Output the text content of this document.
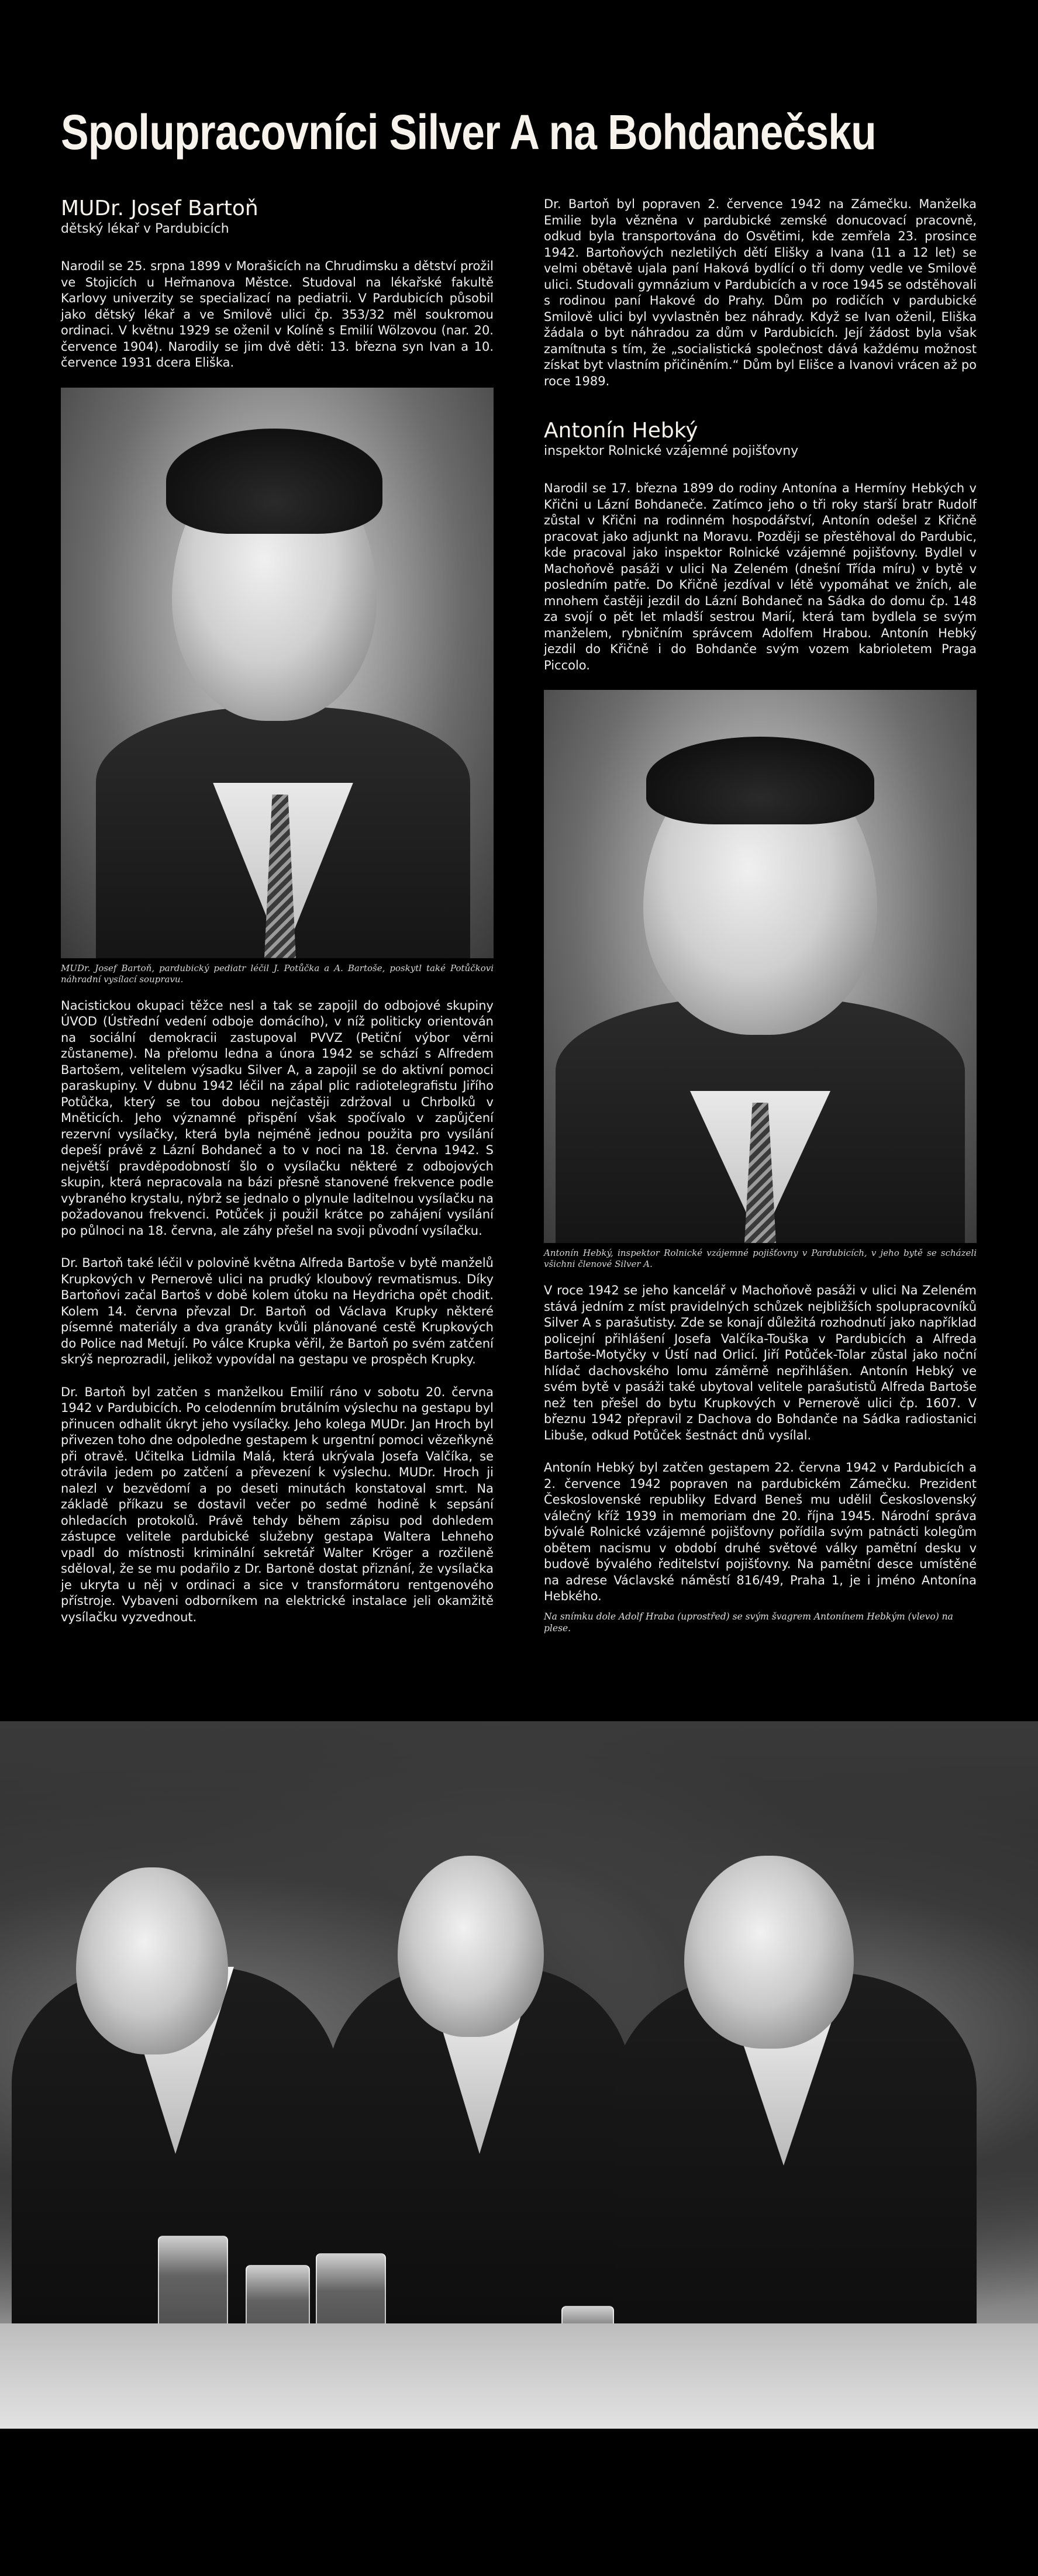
Spolupracovníci Silver A na Bohdanečsku
MUDr. Josef Bartoň
dětský lékař v Pardubicích

Narodil se 25. srpna 1899 v Morašicích na Chrudimsku a dětství prožil ve Stojicích u Heřmanova Městce. Studoval na lékařské fakultě Karlovy univerzity se specializací na pediatrii. V Pardubicích působil jako dětský lékař a ve Smilově ulici čp. 353/32 měl soukromou ordinaci. V květnu 1929 se oženil v Kolíně s Emilií Wölzovou (nar. 20. července 1904). Narodily se jim dvě děti: 13. března syn Ivan a 10. července 1931 dcera Eliška.

MUDr. Josef Bartoň, pardubický pediatr léčil J. Potůčka a A. Bartoše, poskytl také Potůčkovi náhradní vysílací soupravu.

Nacistickou okupaci těžce nesl a tak se zapojil do odbojové skupiny ÚVOD (Ústřední vedení odboje domácího), v níž politicky orientován na sociální demokracii zastupoval PVVZ (Petiční výbor věrni zůstaneme). Na přelomu ledna a února 1942 se schází s Alfredem Bartošem, velitelem výsadku Silver A, a zapojil se do aktivní pomoci paraskupiny. V dubnu 1942 léčil na zápal plic radiotelegrafistu Jiřího Potůčka, který se tou dobou nejčastěji zdržoval u Chrbolků v Mněticích. Jeho významné přispění však spočívalo v zapůjčení rezervní vysílačky, která byla nejméně jednou použita pro vysílání depeší právě z Lázní Bohdaneč a to v noci na 18. června 1942. S největší pravděpodobností šlo o vysílačku některé z odbojových skupin, která nepracovala na bázi přesně stanovené frekvence podle vybraného krystalu, nýbrž se jednalo o plynule laditelnou vysílačku na požadovanou frekvenci. Potůček ji použil krátce po zahájení vysílání po půlnoci na 18. června, ale záhy přešel na svoji původní vysílačku.

Dr. Bartoň také léčil v polovině května Alfreda Bartoše v bytě manželů Krupkových v Pernerově ulici na prudký kloubový revmatismus. Díky Bartoňovi začal Bartoš v době kolem útoku na Heydricha opět chodit. Kolem 14. června převzal Dr. Bartoň od Václava Krupky některé písemné materiály a dva granáty kvůli plánované cestě Krupkových do Police nad Metují. Po válce Krupka věřil, že Bartoň po svém zatčení skrýš neprozradil, jelikož vypovídal na gestapu ve prospěch Krupky.

Dr. Bartoň byl zatčen s manželkou Emilií ráno v sobotu 20. června 1942 v Pardubicích. Po celodenním brutálním výslechu na gestapu byl přinucen odhalit úkryt jeho vysílačky. Jeho kolega MUDr. Jan Hroch byl přivezen toho dne odpoledne gestapem k urgentní pomoci vězeňkyně při otravě. Učitelka Lidmila Malá, která ukrývala Josefa Valčíka, se otrávila jedem po zatčení a převezení k výslechu. MUDr. Hroch ji nalezl v bezvědomí a po deseti minutách konstatoval smrt. Na základě příkazu se dostavil večer po sedmé hodině k sepsání ohledacích protokolů. Právě tehdy během zápisu pod dohledem zástupce velitele pardubické služebny gestapa Waltera Lehneho vpadl do místnosti kriminální sekretář Walter Kröger a rozčileně sděloval, že se mu podařilo z Dr. Bartoně dostat přiznání, že vysílačka je ukryta u něj v ordinaci a sice v transformátoru rentgenového přístroje. Vybaveni odborníkem na elektrické instalace jeli okamžitě vysílačku vyzvednout.

Dr. Bartoň byl popraven 2. července 1942 na Zámečku. Manželka Emilie byla vězněna v pardubické zemské donucovací pracovně, odkud byla transportována do Osvětimi, kde zemřela 23. prosince 1942. Bartoňových nezletilých dětí Elišky a Ivana (11 a 12 let) se velmi obětavě ujala paní Haková bydlící o tři domy vedle ve Smilově ulici. Studovali gymnázium v Pardubicích a v roce 1945 se odstěhovali s rodinou paní Hakové do Prahy. Dům po rodičích v pardubické Smilově ulici byl vyvlastněn bez náhrady. Když se Ivan oženil, Eliška žádala o byt náhradou za dům v Pardubicích. Její žádost byla však zamítnuta s tím, že „socialistická společnost dává každému možnost získat byt vlastním přičiněním.“ Dům byl Elišce a Ivanovi vrácen až po roce 1989.

Antonín Hebký
inspektor Rolnické vzájemné pojišťovny

Narodil se 17. března 1899 do rodiny Antonína a Hermíny Hebkých v Křični u Lázní Bohdaneče. Zatímco jeho o tři roky starší bratr Rudolf zůstal v Křični na rodinném hospodářství, Antonín odešel z Křičně pracovat jako adjunkt na Moravu. Později se přestěhoval do Pardubic, kde pracoval jako inspektor Rolnické vzájemné pojišťovny. Bydlel v Machoňově pasáži v ulici Na Zeleném (dnešní Třída míru) v bytě v posledním patře. Do Křičně jezdíval v létě vypomáhat ve žních, ale mnohem častěji jezdil do Lázní Bohdaneč na Sádka do domu čp. 148 za svojí o pět let mladší sestrou Marií, která tam bydlela se svým manželem, rybničním správcem Adolfem Hrabou. Antonín Hebký jezdil do Křičně i do Bohdanče svým vozem kabrioletem Praga Piccolo.

Antonín Hebký, inspektor Rolnické vzájemné pojišťovny v Pardubicích, v jeho bytě se scházeli všichni členové Silver A.

V roce 1942 se jeho kancelář v Machoňově pasáži v ulici Na Zeleném stává jedním z míst pravidelných schůzek nejbližších spolupracovníků Silver A s parašutisty. Zde se konají důležitá rozhodnutí jako například policejní přihlášení Josefa Valčíka-Touška v Pardubicích a Alfreda Bartoše-Motyčky v Ústí nad Orlicí. Jiří Potůček-Tolar zůstal jako noční hlídač dachovského lomu záměrně nepřihlášen. Antonín Hebký ve svém bytě v pasáži také ubytoval velitele parašutistů Alfreda Bartoše než ten přešel do bytu Krupkových v Pernerově ulici čp. 1607. V březnu 1942 přepravil z Dachova do Bohdanče na Sádka radiostanici Libuše, odkud Potůček šestnáct dnů vysílal.

Antonín Hebký byl zatčen gestapem 22. června 1942 v Pardubicích a 2. července 1942 popraven na pardubickém Zámečku. Prezident Československé republiky Edvard Beneš mu udělil Československý válečný kříž 1939 in memoriam dne 20. října 1945. Národní správa bývalé Rolnické vzájemné pojišťovny pořídila svým patnácti kolegům obětem nacismu v období druhé světové války pamětní desku v budově bývalého ředitelství pojišťovny. Na pamětní desce umístěné na adrese Václavské náměstí 816/49, Praha 1, je i jméno Antonína Hebkého.

Na snímku dole Adolf Hraba (uprostřed) se svým švagrem Antonínem Hebkým (vlevo) na plese.
